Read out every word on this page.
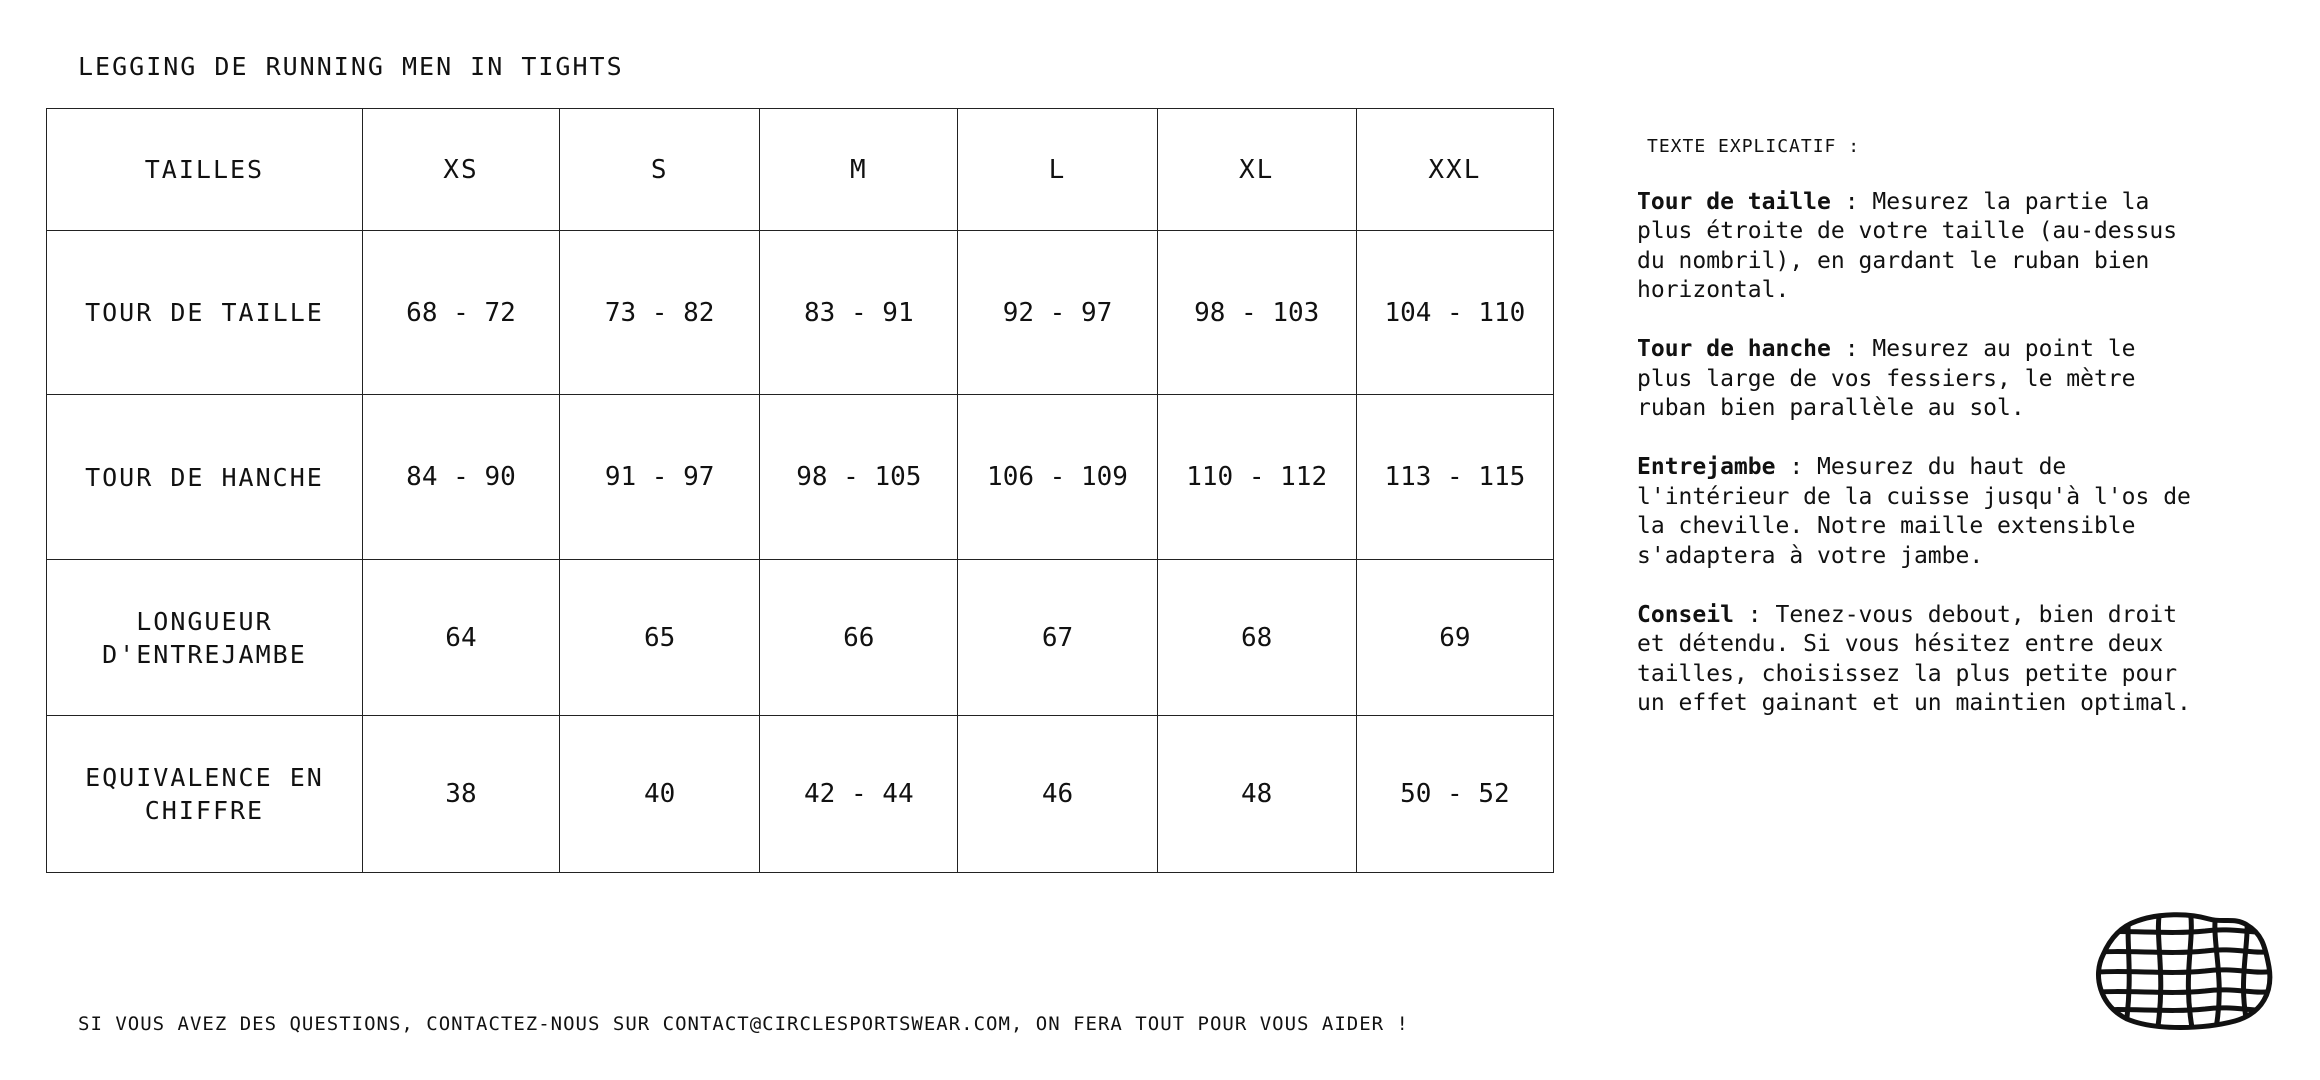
LEGGING DE RUNNING MEN IN TIGHTS
TAILLES	XS	S	M	L	XL	XXL
TOUR DE TAILLE	68 - 72	73 - 82	83 - 91	92 - 97	98 - 103	104 - 110
TOUR DE HANCHE	84 - 90	91 - 97	98 - 105	106 - 109	110 - 112	113 - 115
LONGUEUR
D'ENTREJAMBE	64	65	66	67	68	69
EQUIVALENCE EN
CHIFFRE	38	40	42 - 44	46	48	50 - 52
TEXTE EXPLICATIF :

Tour de taille : Mesurez la partie la plus étroite de votre taille (au-dessus du nombril), en gardant le ruban bien horizontal.

Tour de hanche : Mesurez au point le plus large de vos fessiers, le mètre ruban bien parallèle au sol.

Entrejambe : Mesurez du haut de l'intérieur de la cuisse jusqu'à l'os de la cheville. Notre maille extensible s'adaptera à votre jambe.

Conseil : Tenez-vous debout, bien droit et détendu. Si vous hésitez entre deux tailles, choisissez la plus petite pour un effet gainant et un maintien optimal.

SI VOUS AVEZ DES QUESTIONS, CONTACTEZ-NOUS SUR CONTACT@CIRCLESPORTSWEAR.COM, ON FERA TOUT POUR VOUS AIDER !
